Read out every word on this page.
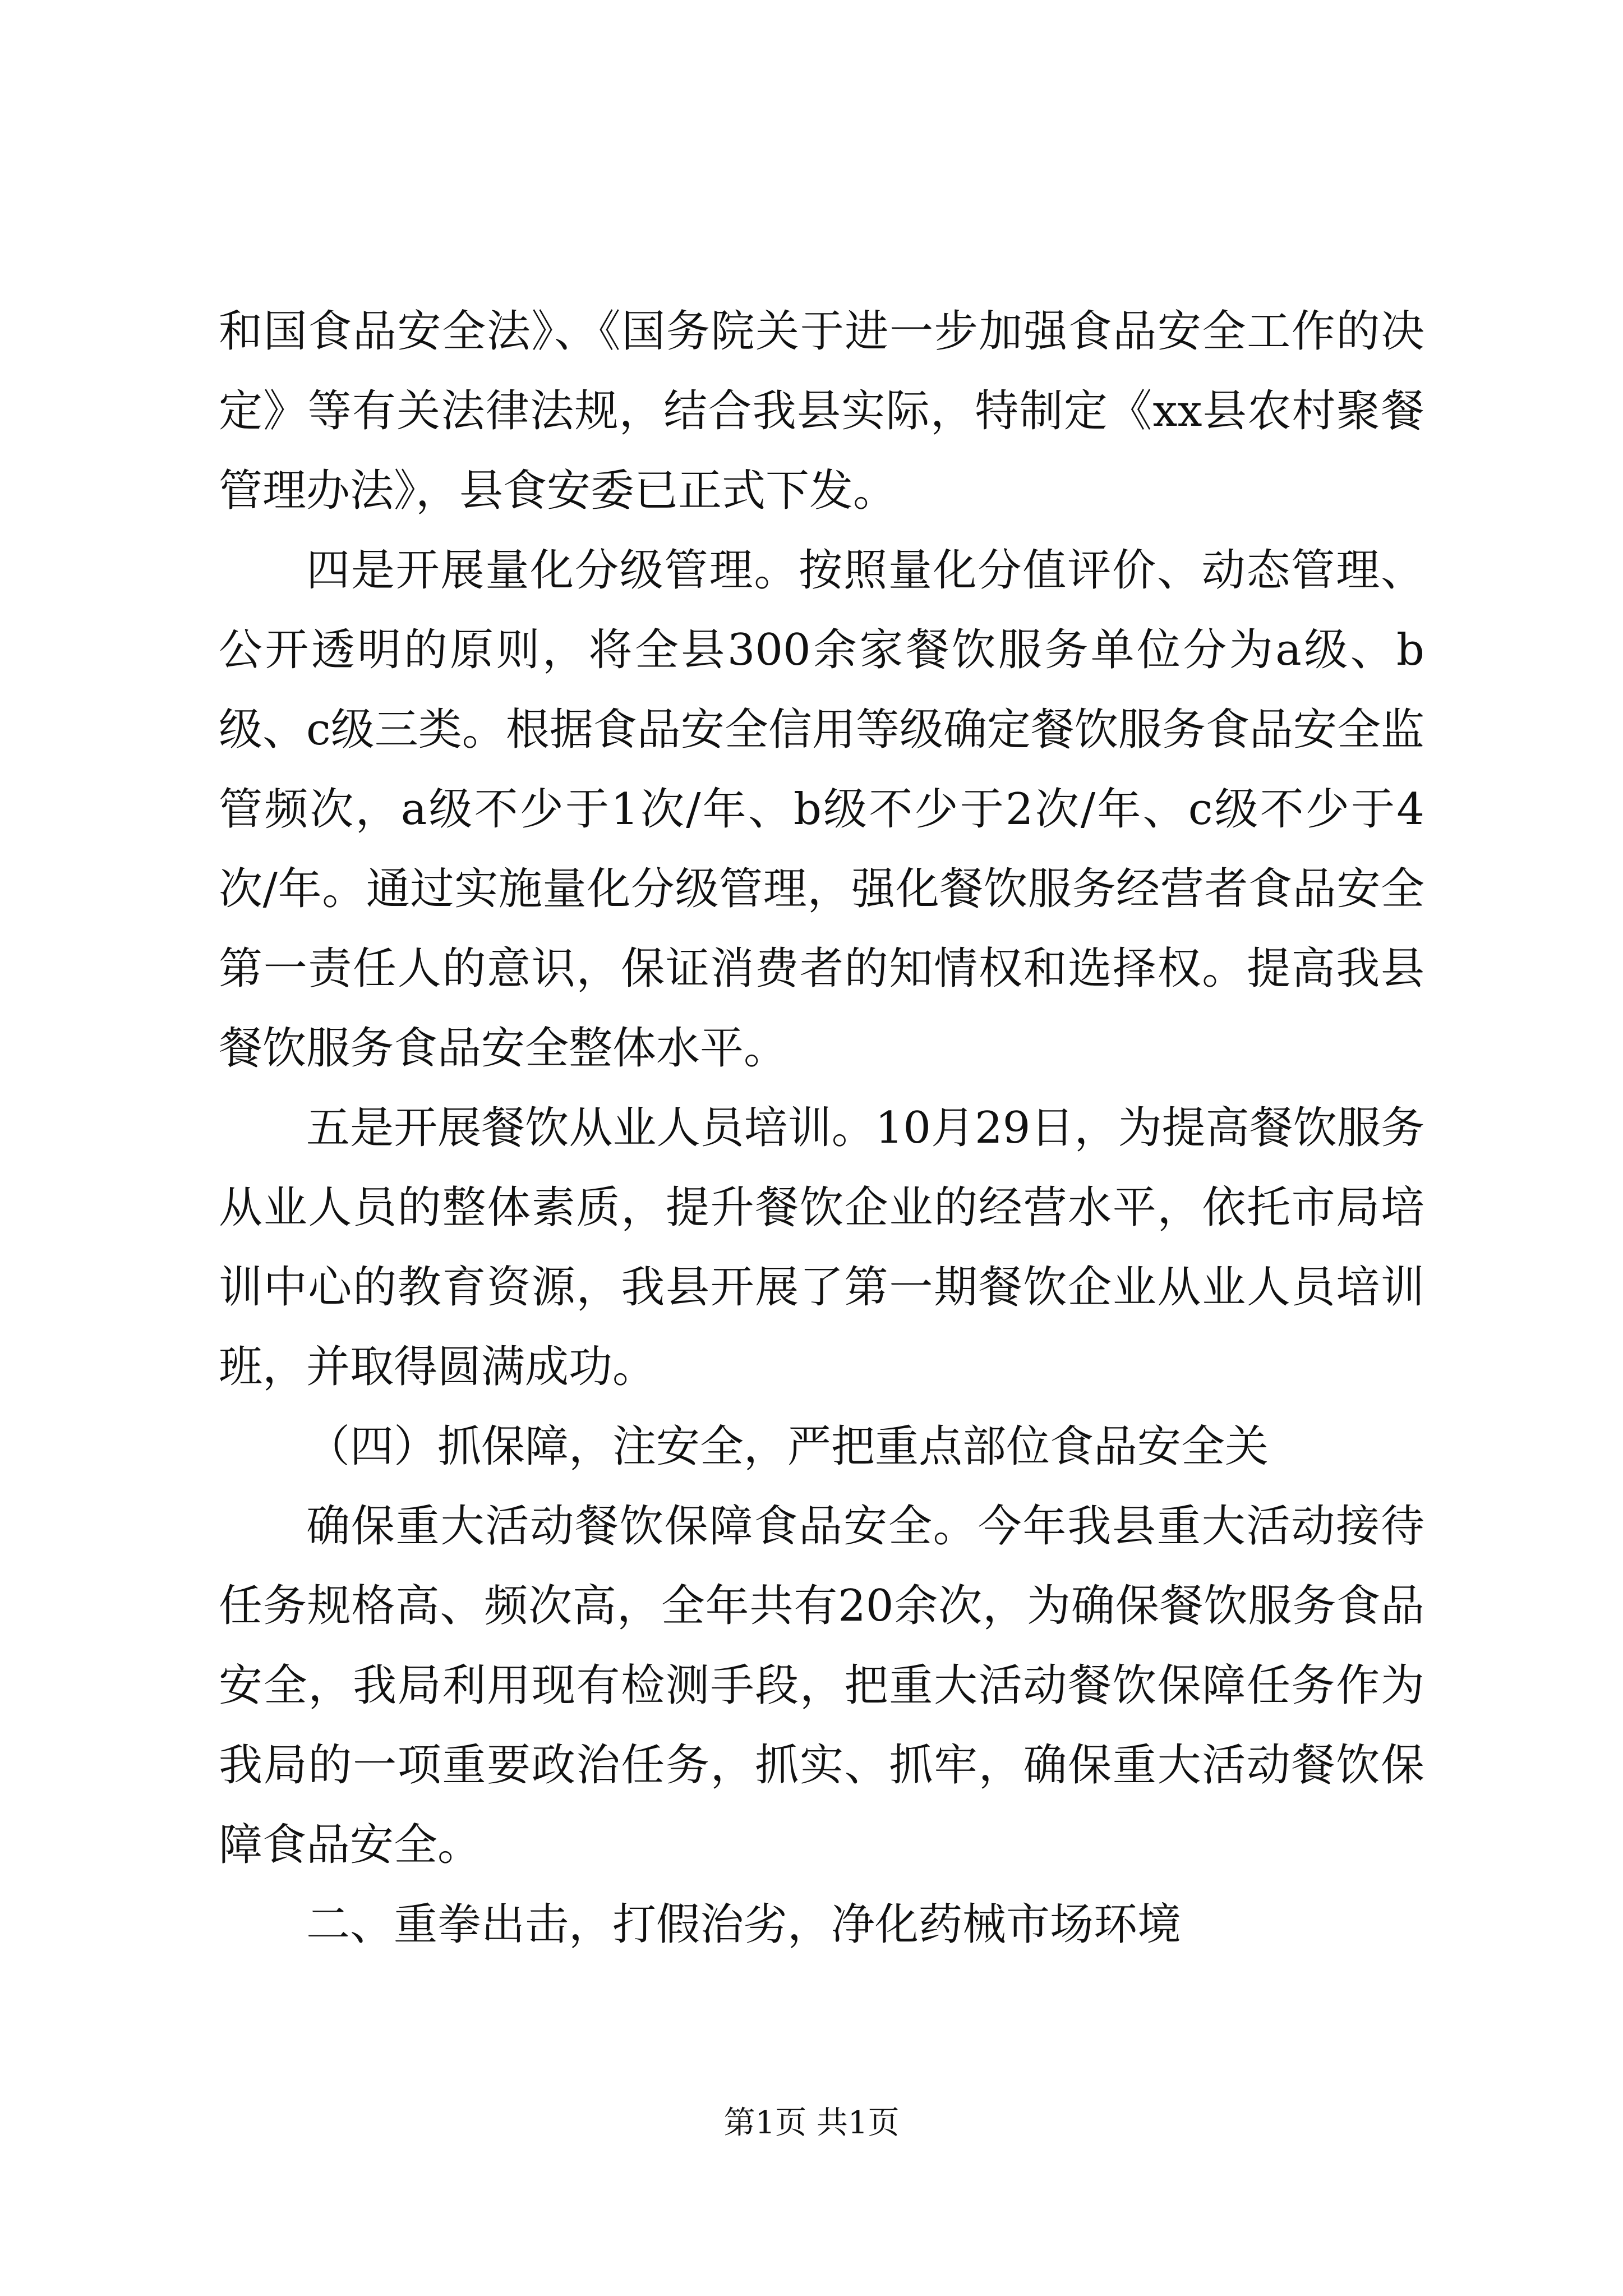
和国食品安全法》、《国务院关于进一步加强食品安全工作的决定》等有关法律法规，结合我县实际，特制定《xx县农村聚餐管理办法》，县食安委已正式下发。

四是开展量化分级管理。按照量化分值评价、动态管理、公开透明的原则，将全县300余家餐饮服务单位分为a级、b级、c级三类。根据食品安全信用等级确定餐饮服务食品安全监管频次，a级不少于1次/年、b级不少于2次/年、c级不少于4次/年。通过实施量化分级管理，强化餐饮服务经营者食品安全第一责任人的意识，保证消费者的知情权和选择权。提高我县餐饮服务食品安全整体水平。

五是开展餐饮从业人员培训。10月29日，为提高餐饮服务从业人员的整体素质，提升餐饮企业的经营水平，依托市局培训中心的教育资源，我县开展了第一期餐饮企业从业人员培训班，并取得圆满成功。

（四）抓保障，注安全，严把重点部位食品安全关

确保重大活动餐饮保障食品安全。今年我县重大活动接待任务规格高、频次高，全年共有20余次，为确保餐饮服务食品安全，我局利用现有检测手段，把重大活动餐饮保障任务作为我局的一项重要政治任务，抓实、抓牢，确保重大活动餐饮保障食品安全。

二、重拳出击，打假治劣，净化药械市场环境

第1页 共1页
